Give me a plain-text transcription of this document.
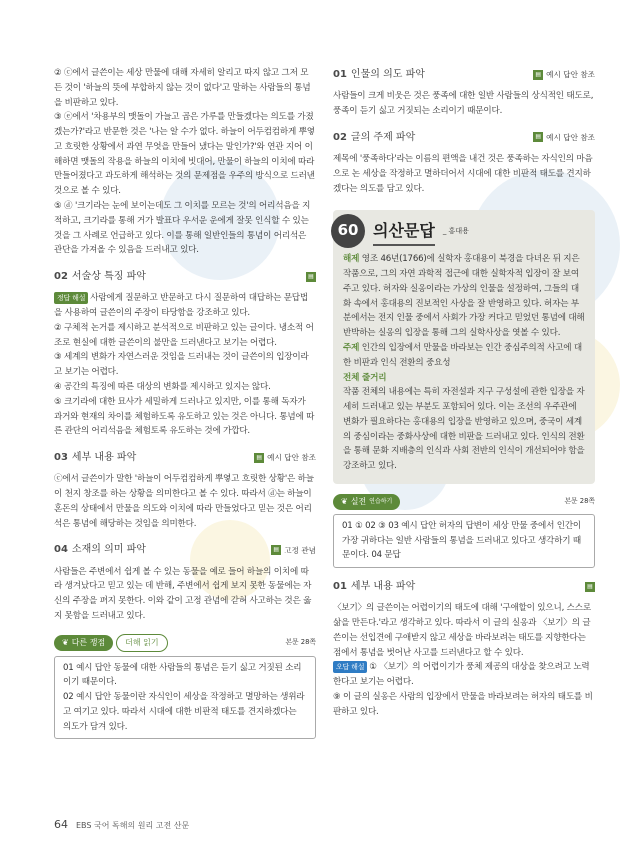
② ⓒ에서 글쓴이는 세상 만물에 대해 자세히 알리고 따지 않고 그저 모든 것이 '하늘의 뜻에 부합하지 않는 것이 없다'고 말하는 사람들의 통념을 비판하고 있다.

③ ⓔ에서 '차용부의 맷돌이 가늘고 곱은 가루를 만들겠다는 의도를 가졌겠는가?'라고 반문한 것은 '나는 알 수가 없다. 하늘이 어두컴컴하게 뿌옇고 흐릿한 상황에서 과연 무엇을 만들어 냈다는 말인가?'와 연관 지어 이해하면 맷돌의 작용을 하늘의 이치에 빗대어, 만물이 하늘의 이치에 따라 만들어졌다고 과도하게 해석하는 것의 문제점을 우주의 방식으로 드러낸 것으로 볼 수 있다.

⑤ ⓓ '크기라는 눈에 보이는데도 그 이치를 모르는 것'의 어리석음을 지적하고, 크기라를 통해 거가 발표다 우서운 운에게 잘못 인식할 수 있는 것을 그 사례로 언급하고 있다. 이를 통해 일반인들의 통념이 어리석은 관단을 가져올 수 있음을 드러내고 있다.

02 서술상 특징 파악	▤

정답 해설 사람에게 질문하고 반문하고 다시 질문하여 대답하는 문답법을 사용하여 글쓴이의 주장이 타당함을 강조하고 있다.

② 구체적 논거를 제시하고 분석적으로 비판하고 있는 글이다. 냉소적 어조로 현실에 대한 글쓴이의 불만을 드러낸다고 보기는 어렵다.

③ 세계의 변화가 자연스러운 것임을 드러내는 것이 글쓴이의 입장이라고 보기는 어렵다.

④ 공간의 특징에 따른 대상의 변화를 제시하고 있지는 않다.

⑤ 크기라에 대한 묘사가 세밀하게 드러나고 있지만, 이를 통해 독자가 과거와 현재의 차이를 체험하도록 유도하고 있는 것은 아니다. 통념에 따른 관단의 어리석음을 체험토록 유도하는 것에 가깝다.

03 세부 내용 파악	▤ 예시 답안 참조

ⓒ에서 글쓴이가 말한 '하늘이 어두컴컴하게 뿌옇고 흐릿한 상황'은 하늘이 천지 창조를 하는 상황을 의미한다고 볼 수 있다. 따라서 ⓓ는 하늘이 혼돈의 상태에서 만물을 의도와 이치에 따라 만들었다고 믿는 것은 어리석은 통념에 해당하는 것임을 의미한다.

04 소재의 의미 파악	▤ 고정 관념

사람들은 주변에서 쉽게 볼 수 있는 동물을 예로 들어 하늘의 이치에 따라 생겨났다고 믿고 있는 데 반해, 주변에서 쉽게 보지 못한 동물에는 자신의 주장을 펴지 못한다. 이와 같이 고정 관념에 갇혀 사고하는 것은 옳지 못함을 드러내고 있다.

❦ 다른 쟁점	더해 읽기	본문 28쪽

01 예시 답안 동물에 대한 사람들의 통념은 듣기 싫고 거짓된 소리이기 때문이다.

02 예시 답안 동물이란 자식인이 세상을 작정하고 멸망하는 생위라고 여기고 있다. 따라서 시대에 대한 비판적 태도를 견지하겠다는 의도가 담겨 있다.

01 인물의 의도 파악	▤ 예시 답안 참조

사람들이 크게 비웃은 것은 풍족에 대한 일반 사람들의 상식적인 태도로, 풍족이 듣기 싫고 거짓되는 소리이기 때문이다.

02 글의 주제 파악	▤ 예시 답안 참조

제목에 '풍족하다'라는 이름의 편액을 내건 것은 풍족하는 자식인의 마음으로 논 세상을 작정하고 멸하더어서 시대에 대한 비판적 태도를 견지하겠다는 의도를 담고 있다.

60 의산문답 _ 홍대용

해제 영조 46년(1766)에 실학자 홍대용이 북경을 다녀온 뒤 지은 작품으로, 그의 자연 과학적 접근에 대한 실학자적 입장이 잘 보여 주고 있다. 허자와 실옹이라는 가상의 인물을 설정하여, 그들의 대화 속에서 홍대용의 진보적인 사상을 잘 반영하고 있다. 허자는 부분에서는 전지 인물 중에서 사회가 가장 커다고 믿었던 통념에 대해 반박하는 실옹의 입장을 통해 그의 실학사상을 엿볼 수 있다.

주제 인간의 입장에서 만물을 바라보는 인간 중심주의적 사고에 대한 비판과 인식 전환의 중요성

전체 줄거리

작품 전체의 내용에는 특히 자전설과 지구 구성설에 관한 입장을 자세히 드러내고 있는 부분도 포함되어 있다. 이는 조선의 우주관에 변화가 필요하다는 홍대용의 입장을 반영하고 있으며, 중국이 세계의 중심이라는 중화사상에 대한 비판을 드러내고 있다. 인식의 전환을 통해 문화 지배층의 인식과 사회 전반의 인식이 개선되어야 함을 강조하고 있다.

❦ 실전 연습하기	본문 28쪽

01 ① 02 ③ 03 예시 답안 허자의 답변이 세상 만물 중에서 인간이 가장 귀하다는 일반 사람들의 통념을 드러내고 있다고 생각하기 때문이다. 04 문답

01 세부 내용 파악	▤

〈보기〉의 글쓴이는 어렵이기의 태도에 대해 '구애할이 있으니, 스스로 삶을 만든다.'라고 생각하고 있다. 따라서 이 글의 실옹과 〈보기〉의 글쓴이는 선입견에 구애받지 않고 세상을 바라보려는 태도를 지향한다는 점에서 통념을 벗어난 사고를 드러낸다고 할 수 있다.

오답 해설 ① 〈보기〉의 어렵이기가 풍체 제공의 대상을 찾으려고 노력한다고 보기는 어렵다.

⑨ 이 글의 실옹은 사람의 입장에서 만물을 바라보려는 허자의 태도를 비판하고 있다.

64 EBS 국어 독해의 원리 고전 산문
